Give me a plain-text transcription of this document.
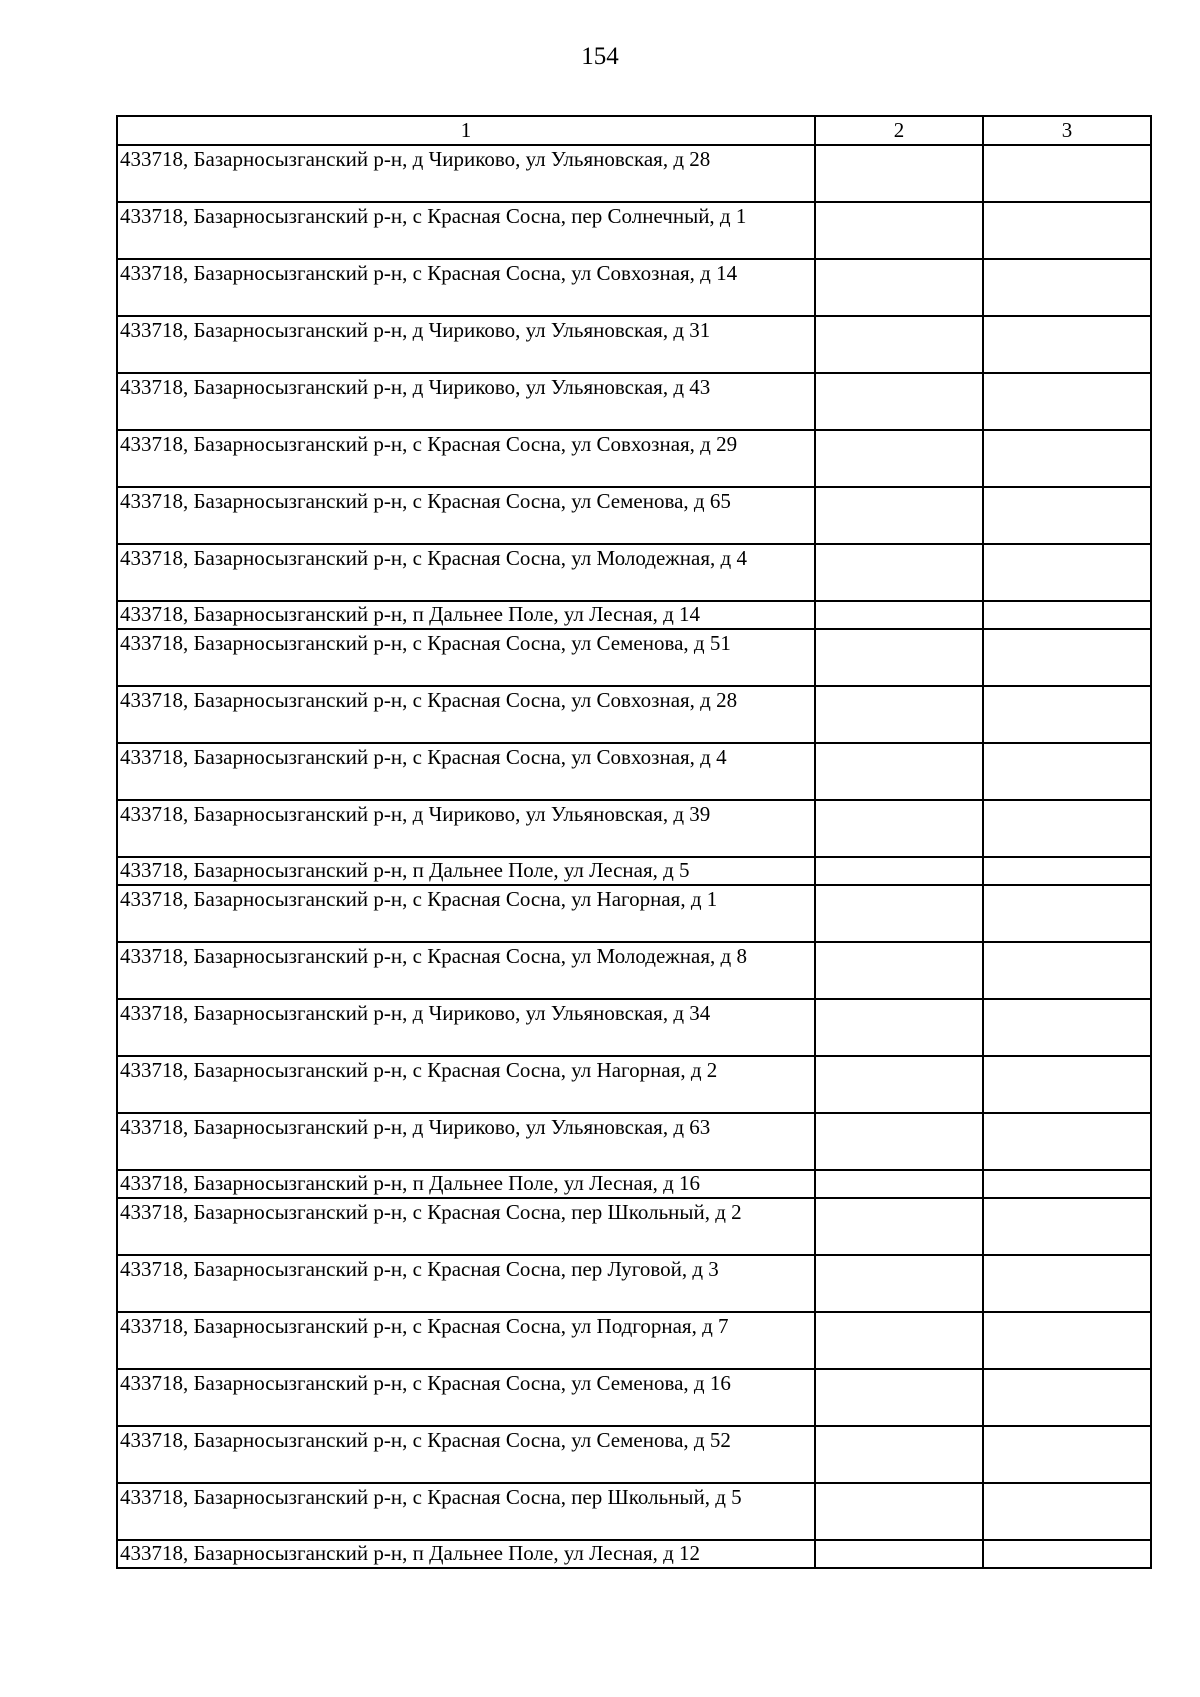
154
1	2	3
433718, Базарносызганский р-н, д Чириково, ул Ульяновская, д 28		
433718, Базарносызганский р-н, с Красная Сосна, пер Солнечный, д 1		
433718, Базарносызганский р-н, с Красная Сосна, ул Совхозная, д 14		
433718, Базарносызганский р-н, д Чириково, ул Ульяновская, д 31		
433718, Базарносызганский р-н, д Чириково, ул Ульяновская, д 43		
433718, Базарносызганский р-н, с Красная Сосна, ул Совхозная, д 29		
433718, Базарносызганский р-н, с Красная Сосна, ул Семенова, д 65		
433718, Базарносызганский р-н, с Красная Сосна, ул Молодежная, д 4		
433718, Базарносызганский р-н, п Дальнее Поле, ул Лесная, д 14		
433718, Базарносызганский р-н, с Красная Сосна, ул Семенова, д 51		
433718, Базарносызганский р-н, с Красная Сосна, ул Совхозная, д 28		
433718, Базарносызганский р-н, с Красная Сосна, ул Совхозная, д 4		
433718, Базарносызганский р-н, д Чириково, ул Ульяновская, д 39		
433718, Базарносызганский р-н, п Дальнее Поле, ул Лесная, д 5		
433718, Базарносызганский р-н, с Красная Сосна, ул Нагорная, д 1		
433718, Базарносызганский р-н, с Красная Сосна, ул Молодежная, д 8		
433718, Базарносызганский р-н, д Чириково, ул Ульяновская, д 34		
433718, Базарносызганский р-н, с Красная Сосна, ул Нагорная, д 2		
433718, Базарносызганский р-н, д Чириково, ул Ульяновская, д 63		
433718, Базарносызганский р-н, п Дальнее Поле, ул Лесная, д 16		
433718, Базарносызганский р-н, с Красная Сосна, пер Школьный, д 2		
433718, Базарносызганский р-н, с Красная Сосна, пер Луговой, д 3		
433718, Базарносызганский р-н, с Красная Сосна, ул Подгорная, д 7		
433718, Базарносызганский р-н, с Красная Сосна, ул Семенова, д 16		
433718, Базарносызганский р-н, с Красная Сосна, ул Семенова, д 52		
433718, Базарносызганский р-н, с Красная Сосна, пер Школьный, д 5		
433718, Базарносызганский р-н, п Дальнее Поле, ул Лесная, д 12		
